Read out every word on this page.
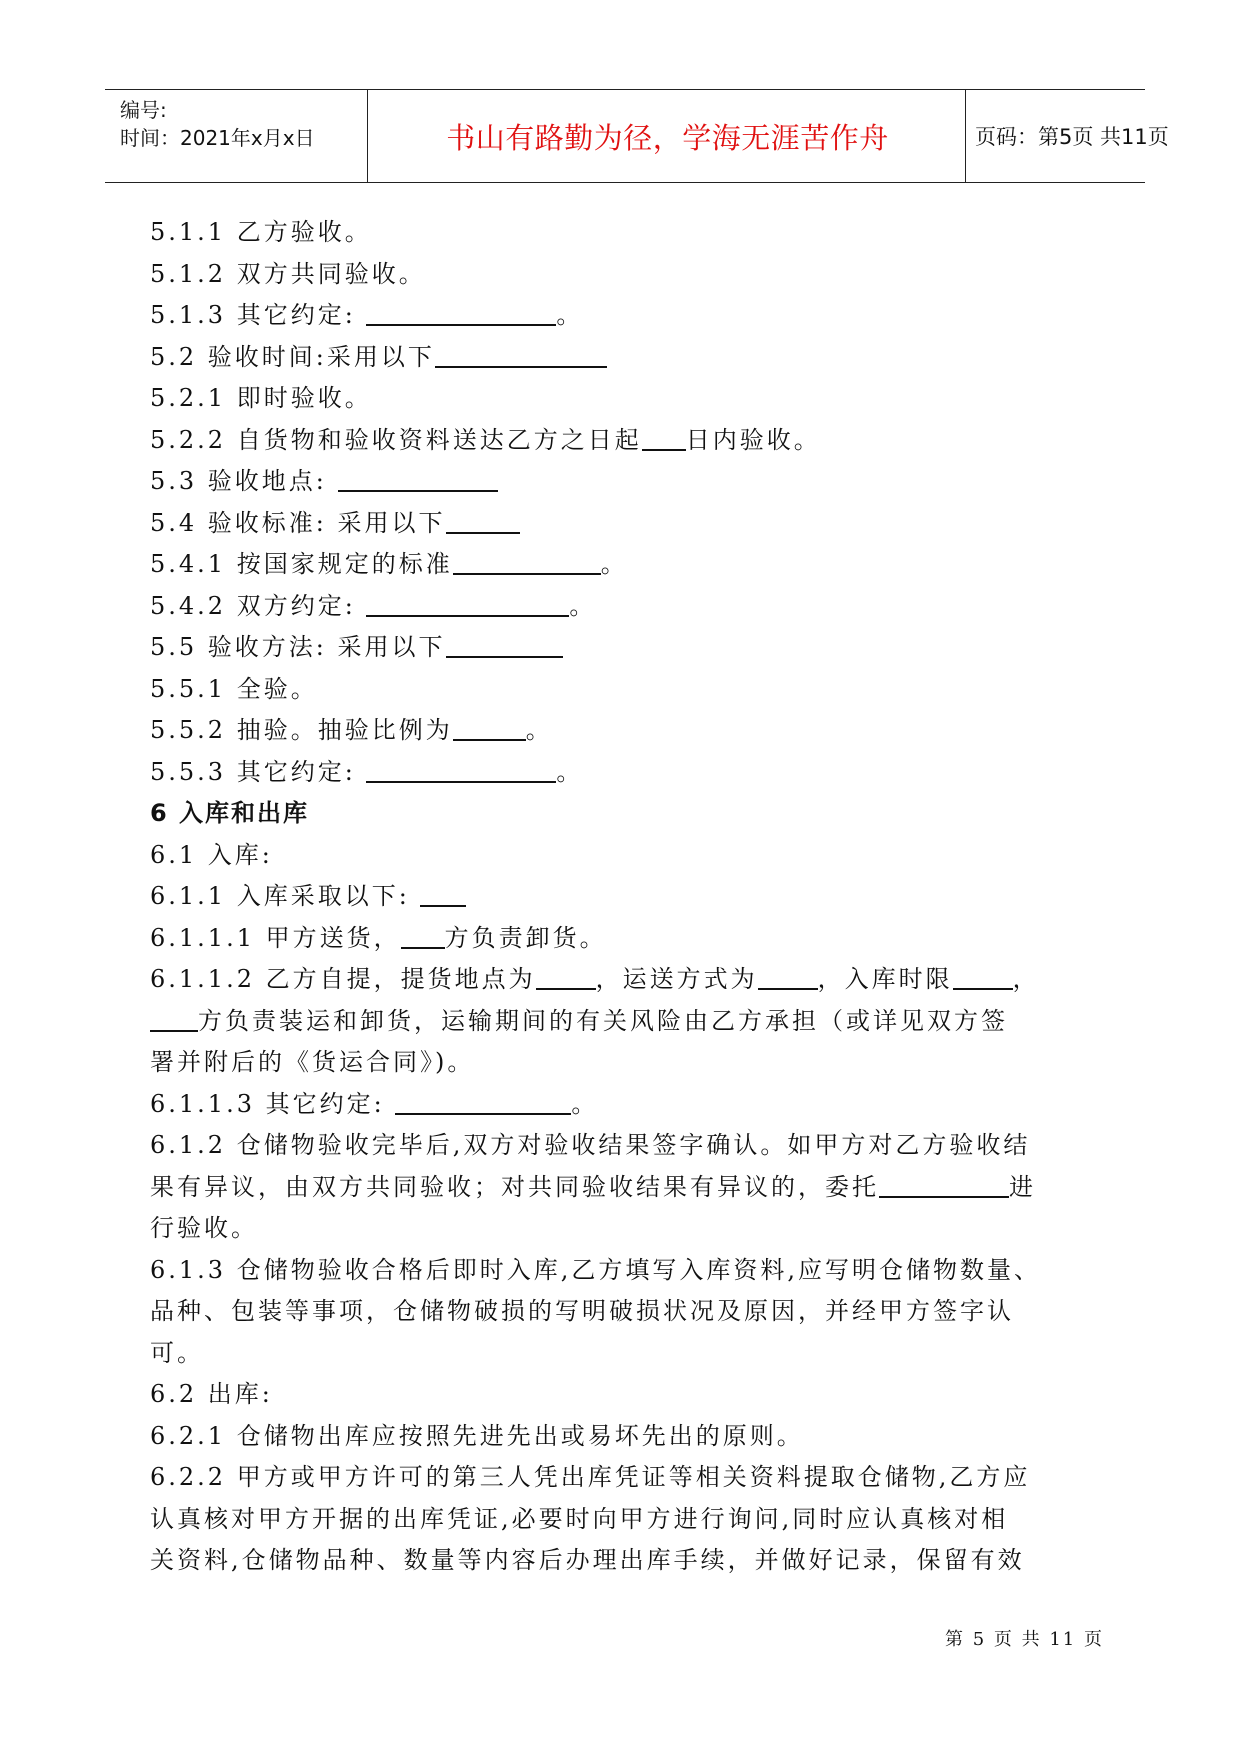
编号:
时间：2021年x月x日	书山有路勤为径，学海无涯苦作舟	页码：第5页 共11页
5.1.1 乙方验收。
5.1.2 双方共同验收。
5.1.3 其它约定:	。
5.2 验收时间:采用以下
5.2.1 即时验收。
5.2.2 自货物和验收资料送达乙方之日起 日内验收。
5.3 验收地点:
5.4 验收标准: 采用以下
5.4.1 按国家规定的标准	。
5.4.2 双方约定:	。
5.5 验收方法: 采用以下
5.5.1 全验。
5.5.2 抽验。抽验比例为	。
5.5.3 其它约定:	。
6 入库和出库
6.1 入库:
6.1.1 入库采取以下:
6.1.1.1 甲方送货， 方负责卸货。
6.1.1.2 乙方自提，提货地点为	，运送方式为	，入库时限	，
方负责装运和卸货，运输期间的有关风险由乙方承担（或详见双方签
署并附后的《货运合同》)。
6.1.1.3 其它约定:	。
6.1.2 仓储物验收完毕后,双方对验收结果签字确认。如甲方对乙方验收结
果有异议，由双方共同验收；对共同验收结果有异议的，委托	进
行验收。
6.1.3 仓储物验收合格后即时入库,乙方填写入库资料,应写明仓储物数量、
品种、包装等事项，仓储物破损的写明破损状况及原因，并经甲方签字认
可。
6.2 出库:
6.2.1 仓储物出库应按照先进先出或易坏先出的原则。
6.2.2 甲方或甲方许可的第三人凭出库凭证等相关资料提取仓储物,乙方应
认真核对甲方开据的出库凭证,必要时向甲方进行询问,同时应认真核对相
关资料,仓储物品种、数量等内容后办理出库手续，并做好记录，保留有效
第 5 页 共 11 页
